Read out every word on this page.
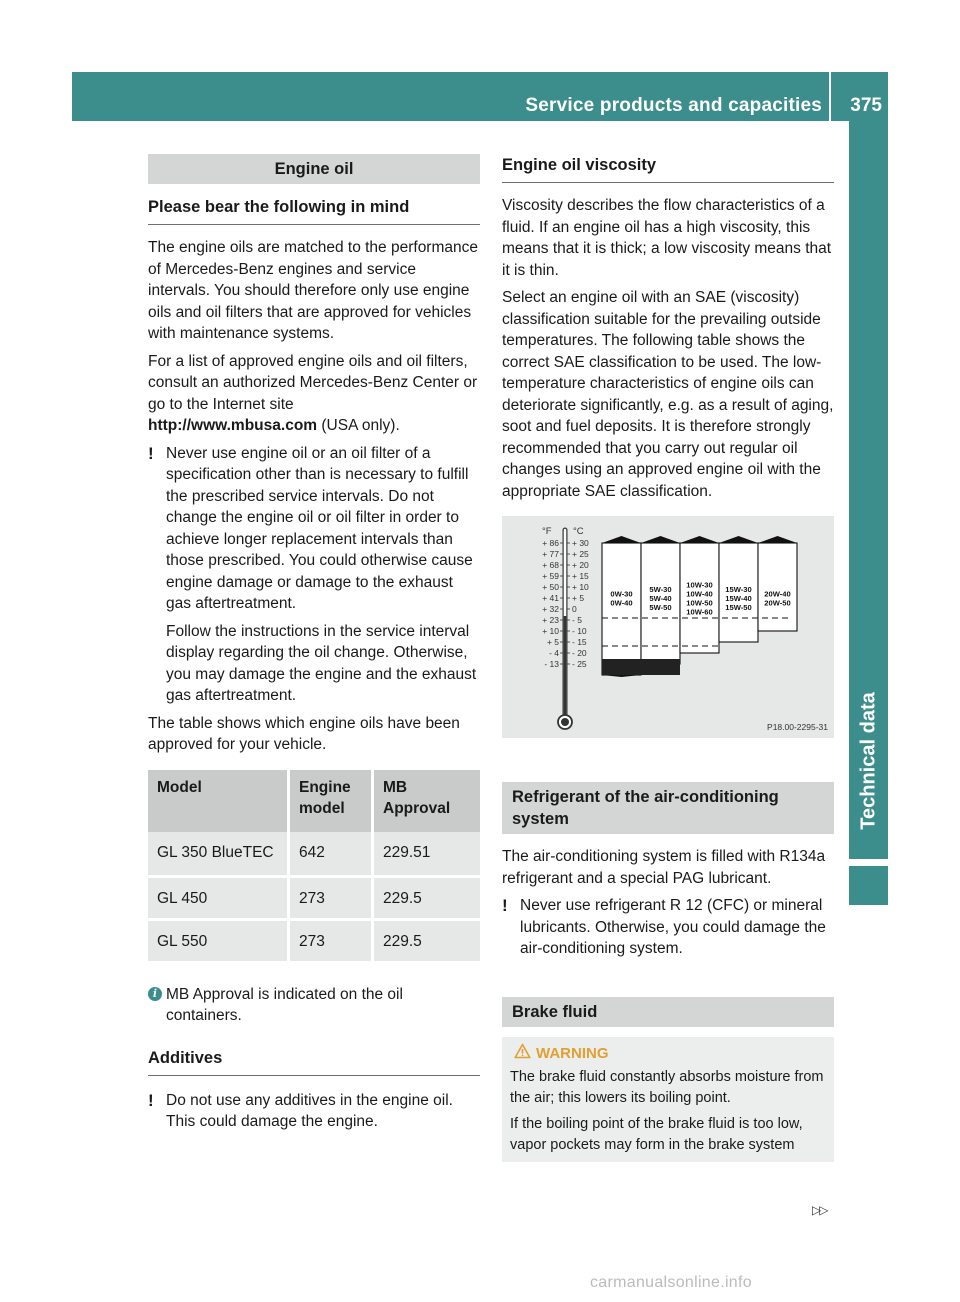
Service products and capacities 375
Technical data
Engine oil
Please bear the following in mind

The engine oils are matched to the performance of Mercedes-Benz engines and service intervals. You should therefore only use engine oils and oil filters that are approved for vehicles with maintenance systems.

For a list of approved engine oils and oil filters, consult an authorized Mercedes-Benz Center or go to the Internet site
http://www.mbusa.com (USA only).

! Never use engine oil or an oil filter of a specification other than is necessary to fulfill the prescribed service intervals. Do not change the engine oil or oil filter in order to achieve longer replacement intervals than those prescribed. You could otherwise cause engine damage or damage to the exhaust gas aftertreatment.

Follow the instructions in the service interval display regarding the oil change. Otherwise, you may damage the engine and the exhaust gas aftertreatment.

The table shows which engine oils have been approved for your vehicle.

Model	Engine model	MB Approval
GL 350 BlueTEC	642	229.51
GL 450	273	229.5
GL 550	273	229.5
i MB Approval is indicated on the oil containers.

Additives
! Do not use any additives in the engine oil. This could damage the engine.

Engine oil viscosity

Viscosity describes the flow characteristics of a fluid. If an engine oil has a high viscosity, this means that it is thick; a low viscosity means that it is thin.

Select an engine oil with an SAE (viscosity) classification suitable for the prevailing outside temperatures. The following table shows the correct SAE classification to be used. The low-temperature characteristics of engine oils can deteriorate significantly, e.g. as a result of aging, soot and fuel deposits. It is therefore strongly recommended that you carry out regular oil changes using an approved engine oil with the appropriate SAE classification.

°F °C
+ 86
+ 77
+ 68
+ 59
+ 50
+ 41
+ 32
+ 23
+ 10
+ 5
- 4
- 13
+ 30
+ 25
+ 20
+ 15
+ 10
+ 5
0
- 5
- 10
- 15
- 20
- 25
0W-30
0W-40
5W-30
5W-40
5W-50
10W-30
10W-40
10W-50
10W-60
15W-30
15W-40
15W-50
20W-40
20W-50
P18.00-2295-31
Refrigerant of the air-conditioning system

The air-conditioning system is filled with R134a refrigerant and a special PAG lubricant.

! Never use refrigerant R 12 (CFC) or mineral lubricants. Otherwise, you could damage the air-conditioning system.

Brake fluid
WARNING

The brake fluid constantly absorbs moisture from the air; this lowers its boiling point.

If the boiling point of the brake fluid is too low, vapor pockets may form in the brake system

▷▷
carmanualsonline.info
